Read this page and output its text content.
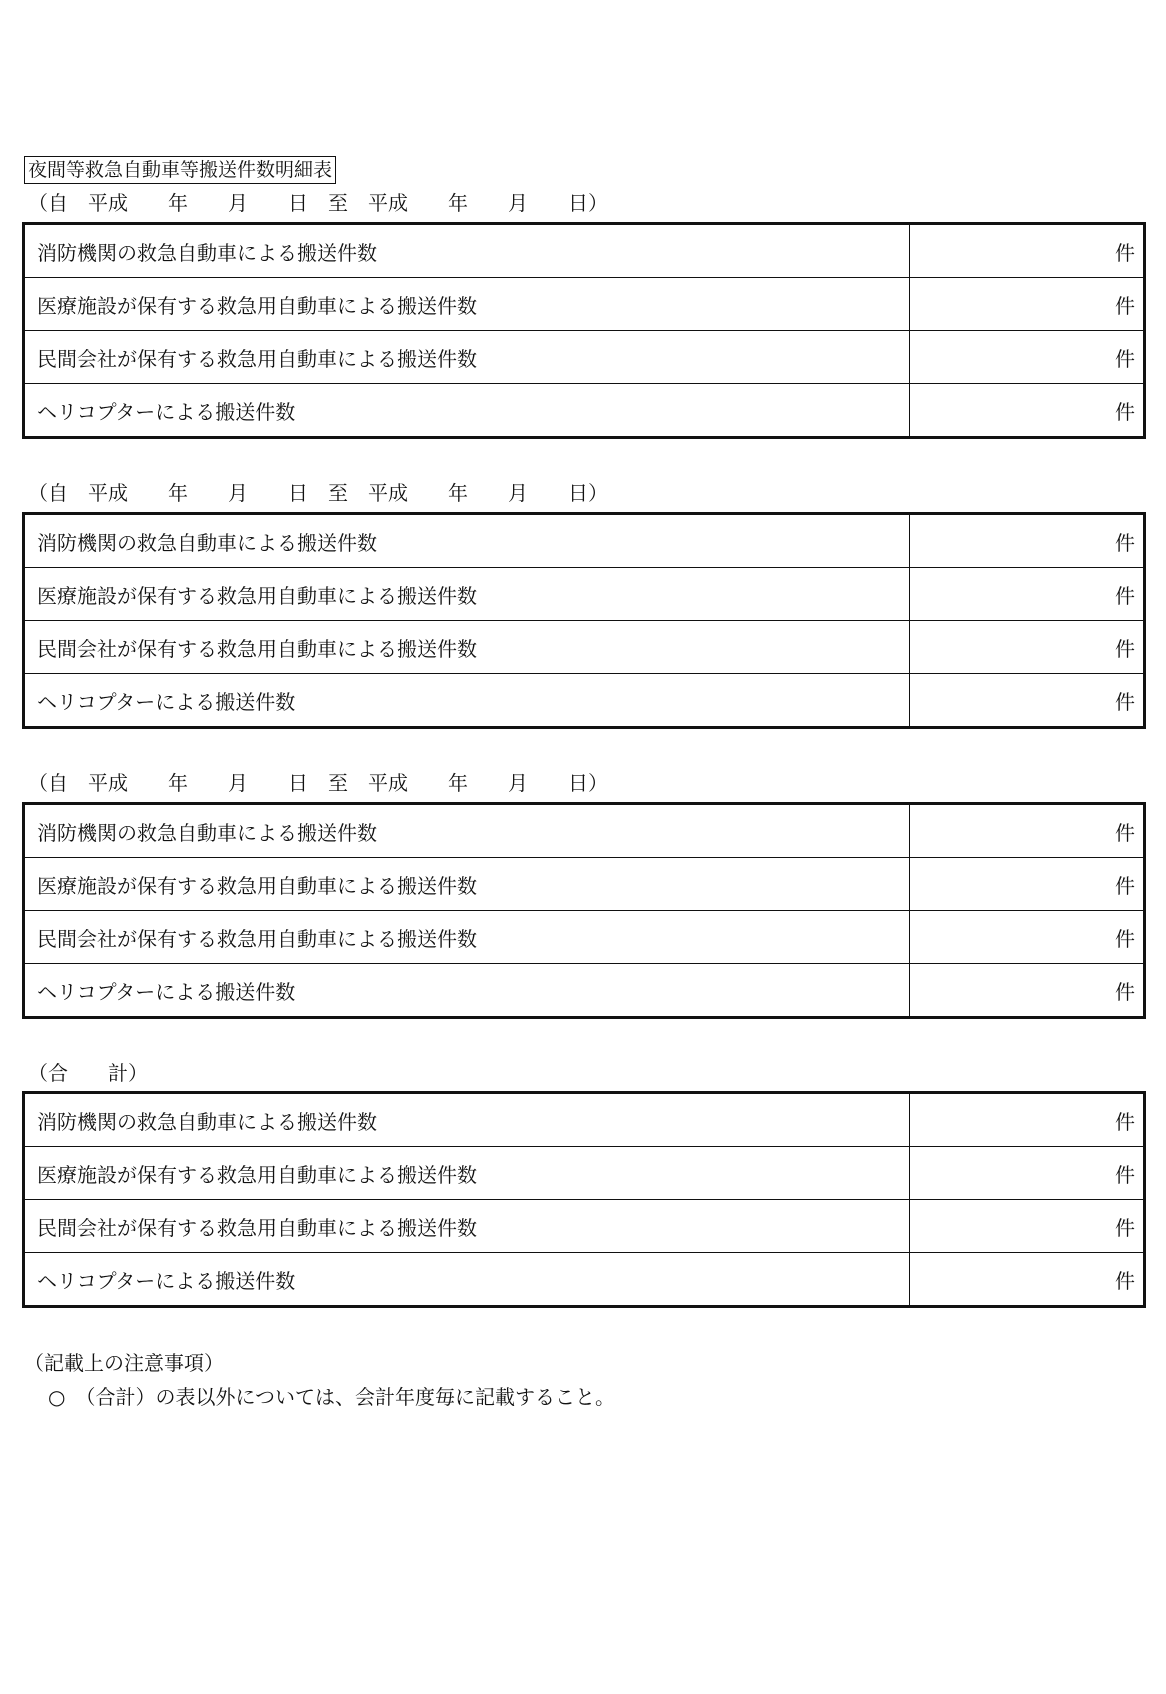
夜間等救急自動車等搬送件数明細表
（自　平成　　年　　月　　日　至　平成　　年　　月　　日）
消防機関の救急自動車による搬送件数	件
医療施設が保有する救急用自動車による搬送件数	件
民間会社が保有する救急用自動車による搬送件数	件
ヘリコプターによる搬送件数	件
（自　平成　　年　　月　　日　至　平成　　年　　月　　日）
消防機関の救急自動車による搬送件数	件
医療施設が保有する救急用自動車による搬送件数	件
民間会社が保有する救急用自動車による搬送件数	件
ヘリコプターによる搬送件数	件
（自　平成　　年　　月　　日　至　平成　　年　　月　　日）
消防機関の救急自動車による搬送件数	件
医療施設が保有する救急用自動車による搬送件数	件
民間会社が保有する救急用自動車による搬送件数	件
ヘリコプターによる搬送件数	件
（合　　計）
消防機関の救急自動車による搬送件数	件
医療施設が保有する救急用自動車による搬送件数	件
民間会社が保有する救急用自動車による搬送件数	件
ヘリコプターによる搬送件数	件
（記載上の注意事項）
○　（合計）の表以外については、会計年度毎に記載すること。
